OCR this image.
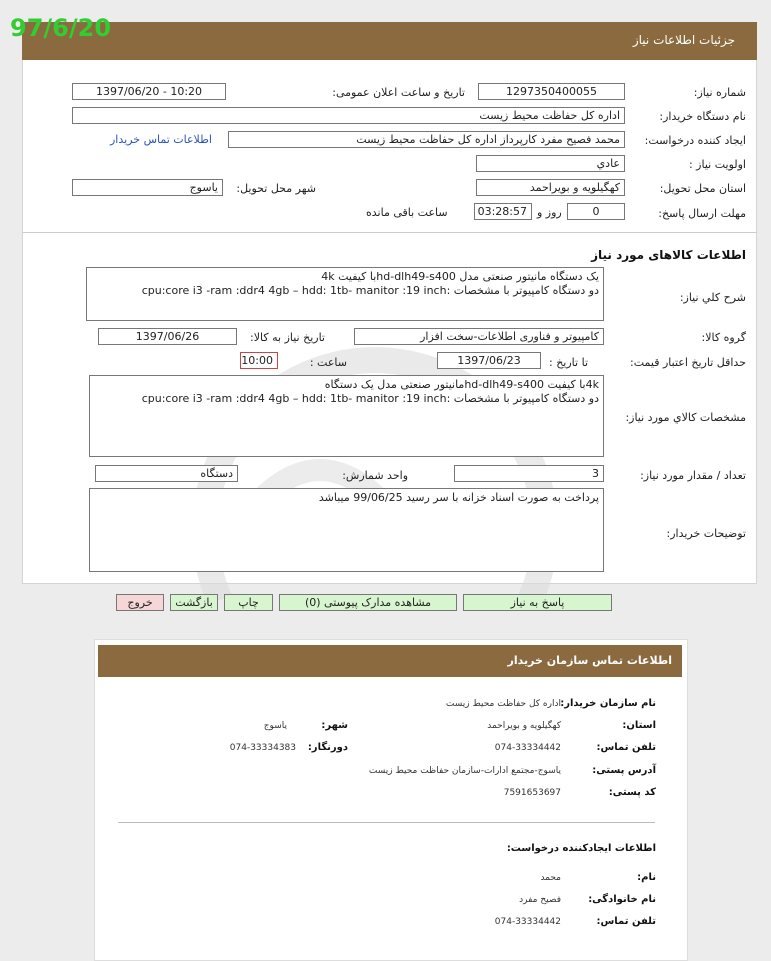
جزئیات اطلاعات نیاز
97/6/20
شماره نیاز:
1297350400055
تاریخ و ساعت اعلان عمومی:
1397/06/20 - 10:20
نام دستگاه خریدار:
اداره کل حفاظت محیط زیست
ایجاد کننده درخواست:
محمد فصیح مفرد کارپرداز اداره کل حفاظت محیط زیست
اطلاعات تماس خریدار
اولویت نیاز :
عادي
استان محل تحویل:
کهگیلویه و بویراحمد
شهر محل تحویل:
یاسوج
مهلت ارسال پاسخ:
0
روز و
03:28:57
ساعت باقی مانده
اطلاعات کالاهای مورد نیاز
شرح کلي نياز:
یک دستگاه مانیتور صنعتی مدل hd-dlh49-s400با کیفیت 4k
دو دستگاه کامپیوتر با مشخصات :cpu:core i3 -ram :ddr4 4gb – hdd: 1tb- manitor :19 inch
گروه کالا:
کامپیوتر و فناوری اطلاعات-سخت افزار
تاریخ نیاز به کالا:
1397/06/26
حداقل تاریخ اعتبار قیمت:
تا تاریخ :
1397/06/23
ساعت :
10:00
مشخصات کالاي مورد نياز:
4kبا کیفیت hd-dlh49-s400مانیتور صنعتی مدل یک دستگاه
دو دستگاه کامپیوتر با مشخصات :cpu:core i3 -ram :ddr4 4gb – hdd: 1tb- manitor :19 inch
تعداد / مقدار مورد نیاز:
3
واحد شمارش:
دستگاه
توضیحات خریدار:
پرداخت به صورت اسناد خزانه با سر رسید 99/06/25 میباشد
پاسخ به نیاز
مشاهده مدارک پیوستی (0)
چاپ
بازگشت
خروج
اطلاعات تماس سازمان خریدار
نام سازمان خریدار:
اداره کل حفاظت محیط زیست
استان:
کهگیلویه و بویراحمد
شهر:
یاسوج
تلفن تماس:
074-33334442
دورنگار:
074-33334383
آدرس پستی:
یاسوج-مجتمع ادارات-سازمان حفاظت محیط زیست
کد پستی:
7591653697
اطلاعات ایجادکننده درخواست:
نام:
محمد
نام خانوادگی:
فصیح مفرد
تلفن تماس:
074-33334442
